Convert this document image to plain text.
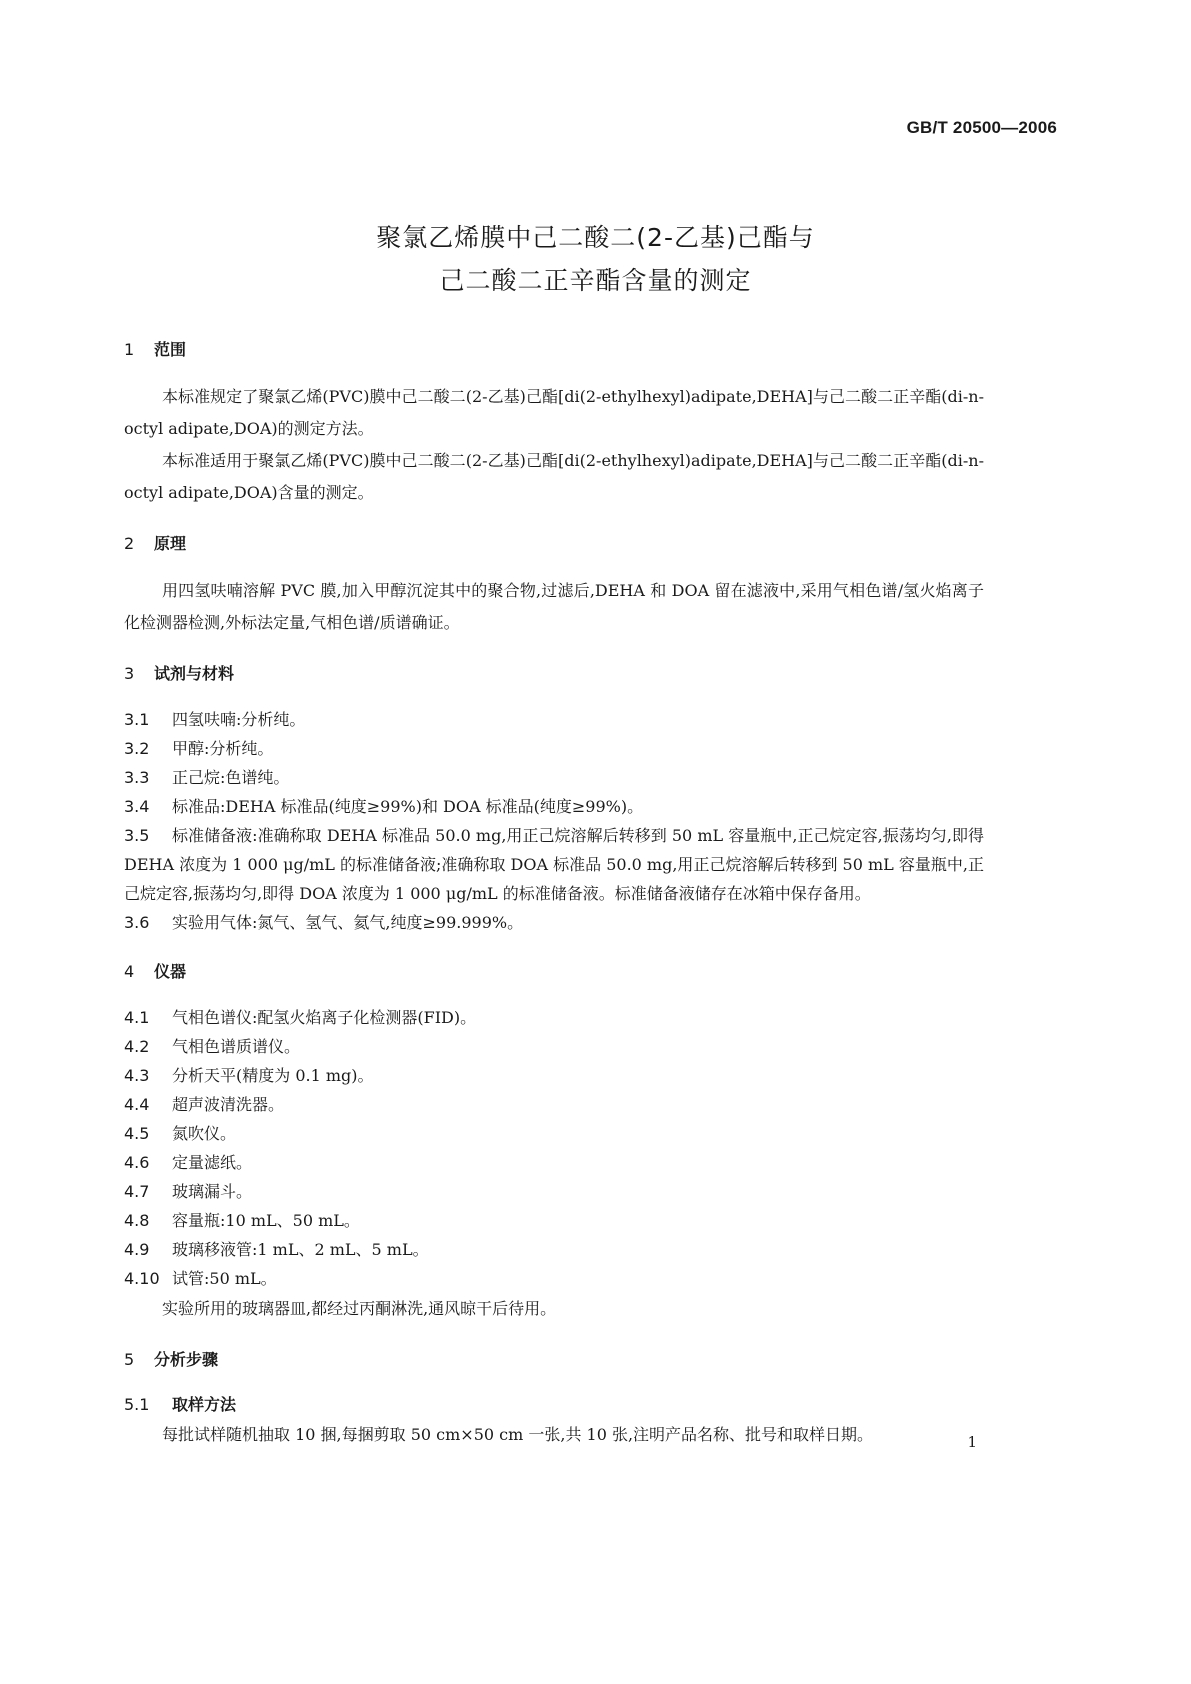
GB/T 20500—2006
聚氯乙烯膜中己二酸二(2-乙基)己酯与
己二酸二正辛酯含量的测定
1 范围

本标准规定了聚氯乙烯(PVC)膜中己二酸二(2-乙基)己酯[di(2-ethylhexyl)adipate,DEHA]与己二酸二正辛酯(di-n-octyl adipate,DOA)的测定方法。

本标准适用于聚氯乙烯(PVC)膜中己二酸二(2-乙基)己酯[di(2-ethylhexyl)adipate,DEHA]与己二酸二正辛酯(di-n-octyl adipate,DOA)含量的测定。

2 原理

用四氢呋喃溶解 PVC 膜,加入甲醇沉淀其中的聚合物,过滤后,DEHA 和 DOA 留在滤液中,采用气相色谱/氢火焰离子化检测器检测,外标法定量,气相色谱/质谱确证。

3 试剂与材料

3.1 四氢呋喃:分析纯。

3.2 甲醇:分析纯。

3.3 正己烷:色谱纯。

3.4 标准品:DEHA 标准品(纯度≥99%)和 DOA 标准品(纯度≥99%)。

3.5 标准储备液:准确称取 DEHA 标准品 50.0 mg,用正己烷溶解后转移到 50 mL 容量瓶中,正己烷定容,振荡均匀,即得 DEHA 浓度为 1 000 μg/mL 的标准储备液;准确称取 DOA 标准品 50.0 mg,用正己烷溶解后转移到 50 mL 容量瓶中,正己烷定容,振荡均匀,即得 DOA 浓度为 1 000 μg/mL 的标准储备液。标准储备液储存在冰箱中保存备用。

3.6 实验用气体:氮气、氢气、氦气,纯度≥99.999%。

4 仪器

4.1 气相色谱仪:配氢火焰离子化检测器(FID)。

4.2 气相色谱质谱仪。

4.3 分析天平(精度为 0.1 mg)。

4.4 超声波清洗器。

4.5 氮吹仪。

4.6 定量滤纸。

4.7 玻璃漏斗。

4.8 容量瓶:10 mL、50 mL。

4.9 玻璃移液管:1 mL、2 mL、5 mL。

4.10 试管:50 mL。

实验所用的玻璃器皿,都经过丙酮淋洗,通风晾干后待用。

5 分析步骤
5.1 取样方法

每批试样随机抽取 10 捆,每捆剪取 50 cm×50 cm 一张,共 10 张,注明产品名称、批号和取样日期。	1
